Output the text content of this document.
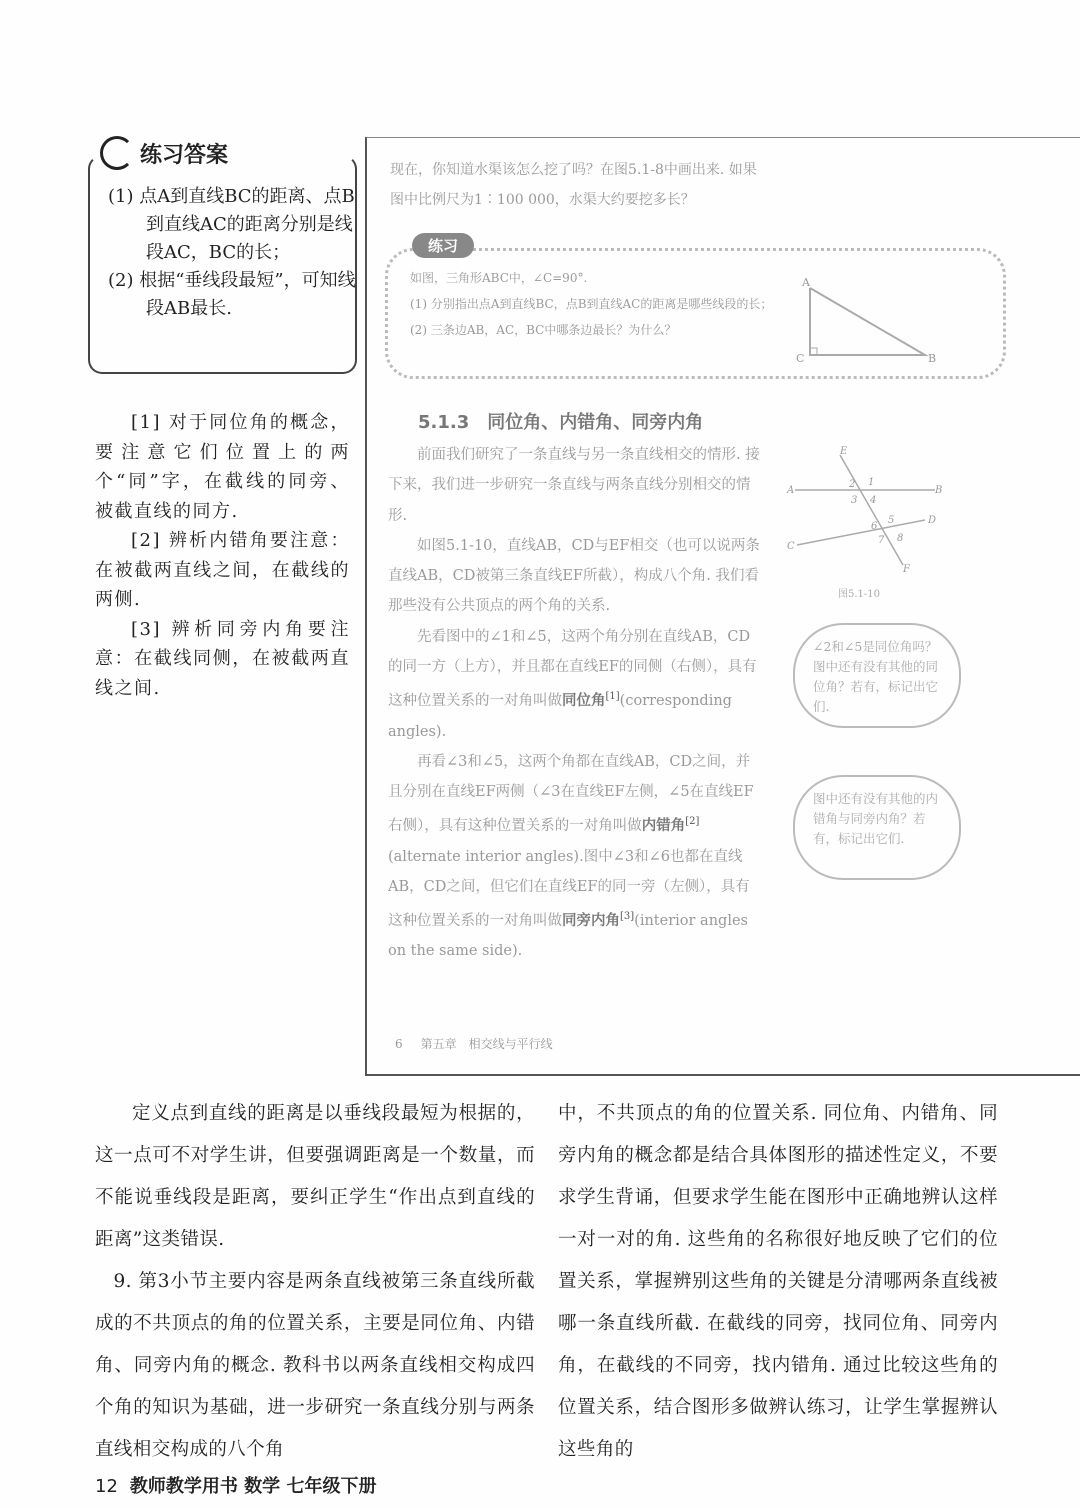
练习答案

(1) 点A到直线BC的距离、点B到直线AC的距离分别是线段AC，BC的长；

(2) 根据“垂线段最短”，可知线段AB最长.

[1] 对于同位角的概念，要注意它们位置上的两个“同”字，在截线的同旁、被截直线的同方.

[2] 辨析内错角要注意：在被截两直线之间，在截线的两侧.

[3] 辨析同旁内角要注意：在截线同侧，在被截两直线之间.

现在，你知道水渠该怎么挖了吗？在图5.1-8中画出来. 如果图中比例尺为1∶100 000，水渠大约要挖多长？
练习
如图，三角形ABC中，∠C=90°.
(1) 分别指出点A到直线BC，点B到直线AC的距离是哪些线段的长；
(2) 三条边AB，AC，BC中哪条边最长？为什么？
A
B
C
5.1.3　同位角、内错角、同旁内角

前面我们研究了一条直线与另一条直线相交的情形. 接下来，我们进一步研究一条直线与两条直线分别相交的情形.

如图5.1-10，直线AB，CD与EF相交（也可以说两条直线AB，CD被第三条直线EF所截），构成八个角. 我们看那些没有公共顶点的两个角的关系.

先看图中的∠1和∠5，这两个角分别在直线AB，CD的同一方（上方），并且都在直线EF的同侧（右侧），具有这种位置关系的一对角叫做同位角[1](corresponding angles).

再看∠3和∠5，这两个角都在直线AB，CD之间，并且分别在直线EF两侧（∠3在直线EF左侧，∠5在直线EF右侧），具有这种位置关系的一对角叫做内错角[2](alternate interior angles).图中∠3和∠6也都在直线AB，CD之间，但它们在直线EF的同一旁（左侧），具有这种位置关系的一对角叫做同旁内角[3](interior angles on the same side).

A	B
C
D
E
F
1
2
3 4
5
6
7 8
图5.1-10
∠2和∠5是同位角吗？图中还有没有其他的同位角？若有，标记出它们.
图中还有没有其他的内错角与同旁内角？若有，标记出它们.
6 第五章　相交线与平行线

定义点到直线的距离是以垂线段最短为根据的，这一点可不对学生讲，但要强调距离是一个数量，而不能说垂线段是距离，要纠正学生“作出点到直线的距离”这类错误.

9. 第3小节主要内容是两条直线被第三条直线所截成的不共顶点的角的位置关系，主要是同位角、内错角、同旁内角的概念. 教科书以两条直线相交构成四个角的知识为基础，进一步研究一条直线分别与两条直线相交构成的八个角

中，不共顶点的角的位置关系. 同位角、内错角、同旁内角的概念都是结合具体图形的描述性定义，不要求学生背诵，但要求学生能在图形中正确地辨认这样一对一对的角. 这些角的名称很好地反映了它们的位置关系，掌握辨别这些角的关键是分清哪两条直线被哪一条直线所截. 在截线的同旁，找同位角、同旁内角，在截线的不同旁，找内错角. 通过比较这些角的位置关系，结合图形多做辨认练习，让学生掌握辨认这些角的

12 教师教学用书 数学 七年级下册
